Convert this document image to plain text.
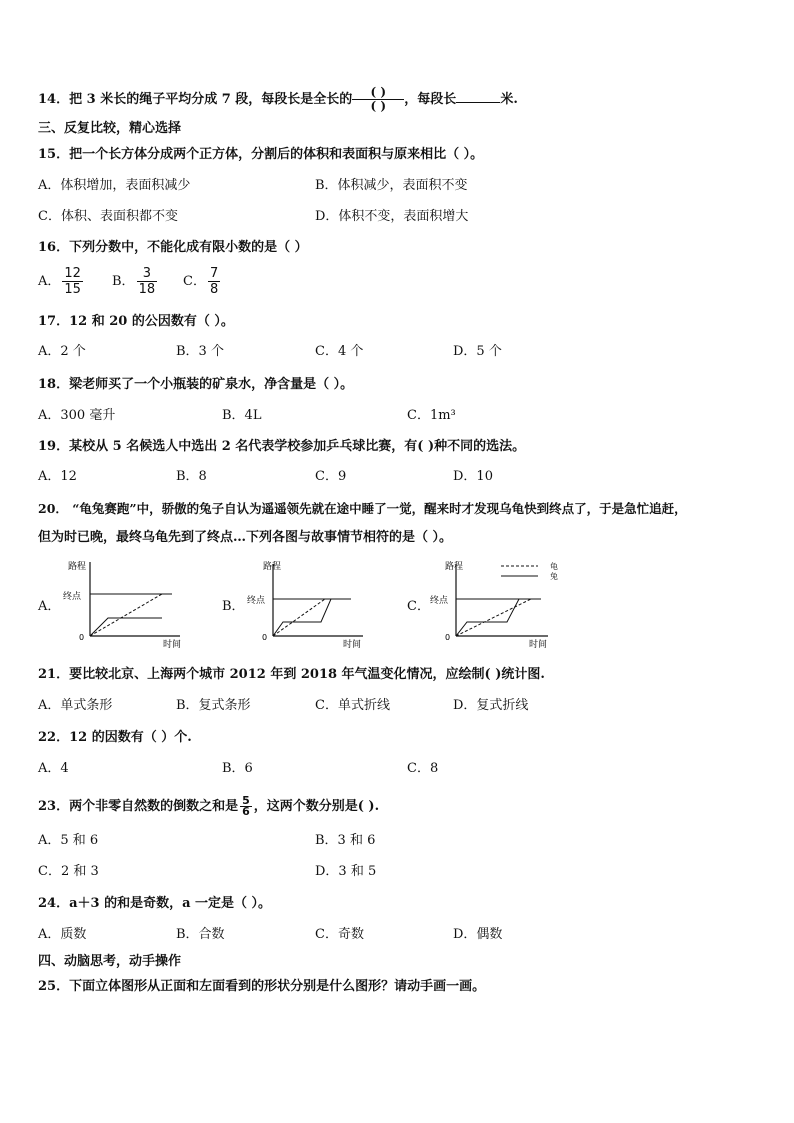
14．把 3 米长的绳子平均分成 7 段，每段长是全长的	( )
( ) ，每段长	米.
三、反复比较，精心选择
15．把一个长方体分成两个正方体，分割后的体积和表面积与原来相比（ ）。
A．体积增加，表面积减少	B．体积减少，表面积不变
C．体积、表面积都不变	D．体积不变，表面积增大
16．下列分数中，不能化成有限小数的是（ ）
A． $\frac{12}{15}$ B． $\frac{3}{18}$ C． $\frac{7}{8}$
17．12 和 20 的公因数有（ ）。
A．2 个	B．3 个	C．4 个	D．5 个
18．梁老师买了一个小瓶装的矿泉水，净含量是（ ）。
A．300 毫升	B．4L	C．1m³
19．某校从 5 名候选人中选出 2 名代表学校参加乒乓球比赛，有( )种不同的选法。
A．12	B．8	C．9	D．10
20． “龟兔赛跑”中，骄傲的兔子自认为遥遥领先就在途中睡了一觉，醒来时才发现乌龟快到终点了，于是急忙追赶，
但为时已晚，最终乌龟先到了终点…下列各图与故事情节相符的是（ ）。
A．	B．	C．
路程
终点
0
时间
路程
终点
0
时间
路程
终点
0
时间
龟
兔
21．要比较北京、上海两个城市 2012 年到 2018 年气温变化情况，应绘制( )统计图.
A．单式条形	B．复式条形	C．单式折线	D．复式折线
22．12 的因数有（ ）个.
A．4	B．6	C．8
23．两个非零自然数的倒数之和是 $\frac{5}{6}$ ，这两个数分别是( ).
A．5 和 6	B．3 和 6
C．2 和 3	D．3 和 5
24．a＋3 的和是奇数，a 一定是（ ）。
A．质数	B．合数	C．奇数	D．偶数
四、动脑思考，动手操作
25．下面立体图形从正面和左面看到的形状分别是什么图形？请动手画一画。
